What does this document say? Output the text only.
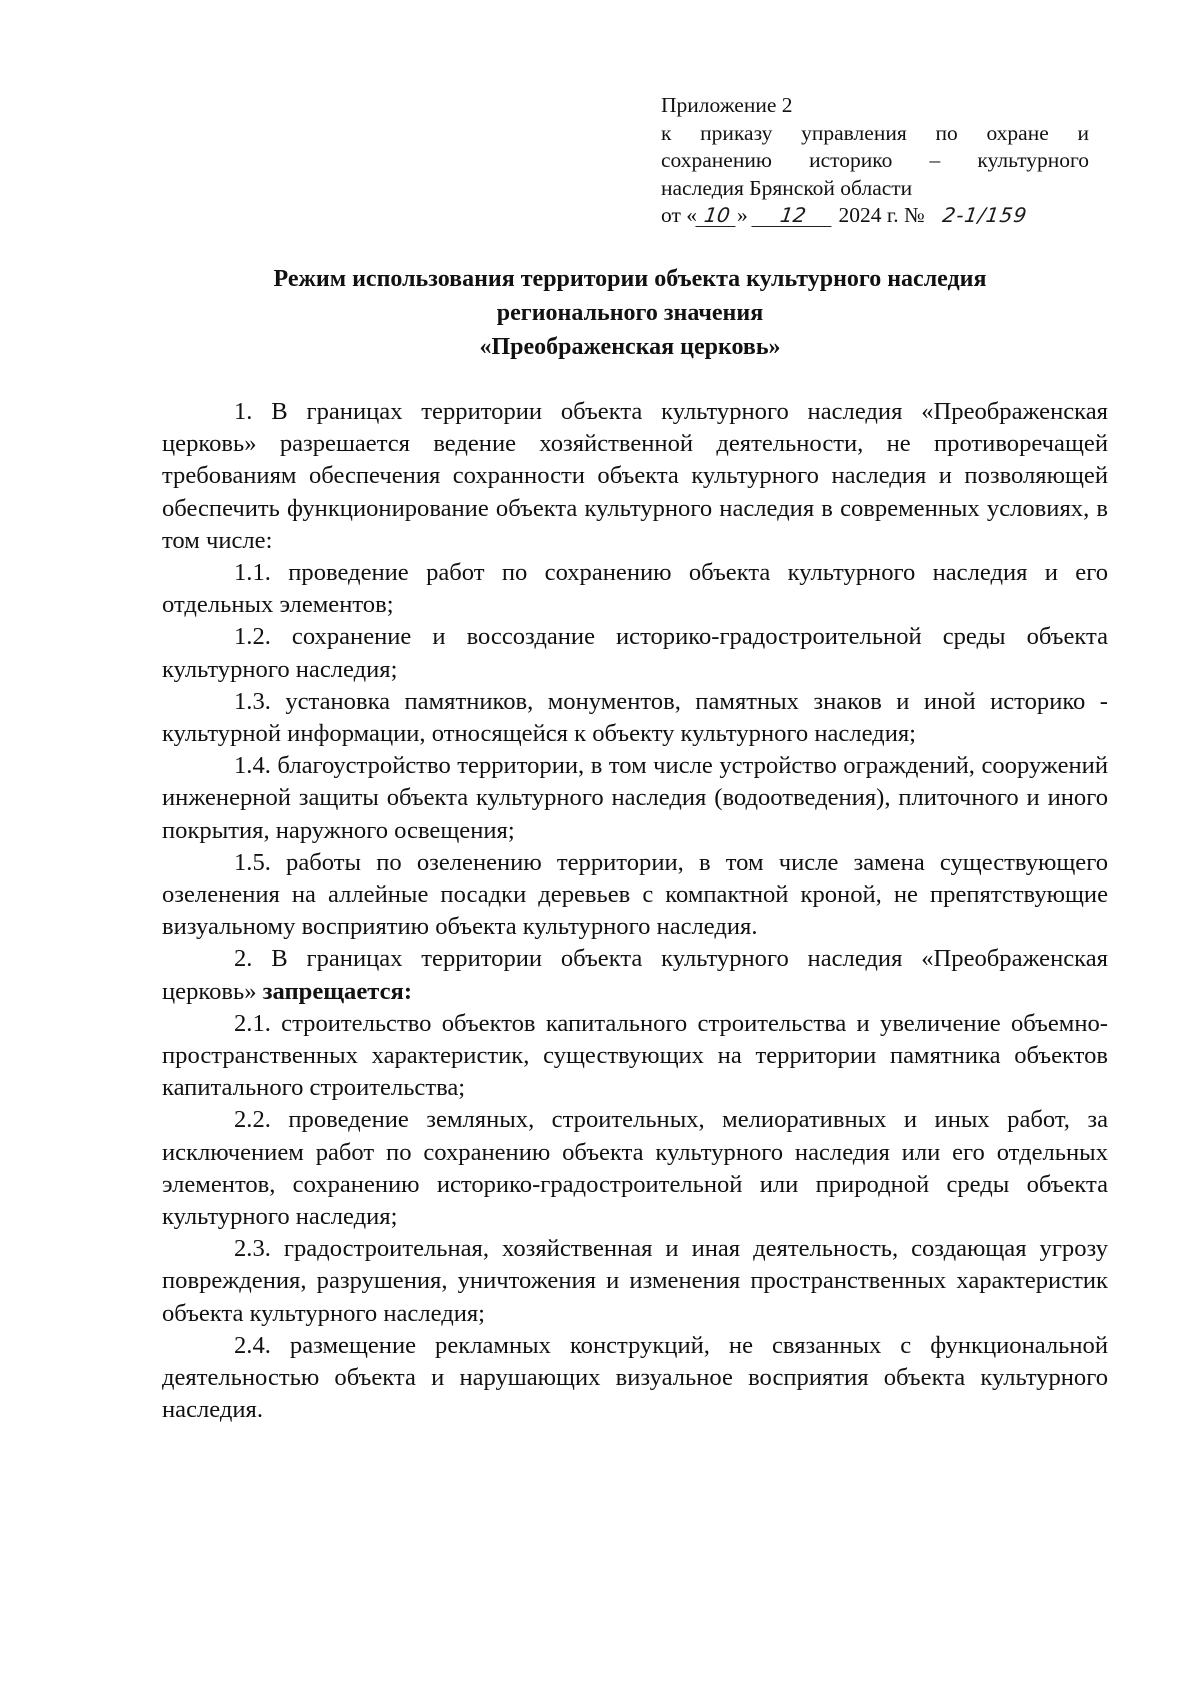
Приложение 2
к приказу управления по охране и
сохранению историко – культурного
наследия Брянской области
от « 10 » 12 2024 г. № 2-1/159
Режим использования территории объекта культурного наследия
регионального значения
«Преображенская церковь»

1. В границах территории объекта культурного наследия «Преображенская церковь» разрешается ведение хозяйственной деятельности, не противоречащей требованиям обеспечения сохранности объекта культурного наследия и позволяющей обеспечить функционирование объекта культурного наследия в современных условиях, в том числе:

1.1. проведение работ по сохранению объекта культурного наследия и его отдельных элементов;

1.2. сохранение и воссоздание историко-градостроительной среды объекта культурного наследия;

1.3. установка памятников, монументов, памятных знаков и иной историко - культурной информации, относящейся к объекту культурного наследия;

1.4. благоустройство территории, в том числе устройство ограждений, сооружений инженерной защиты объекта культурного наследия (водоотведения), плиточного и иного покрытия, наружного освещения;

1.5. работы по озеленению территории, в том числе замена существующего озеленения на аллейные посадки деревьев с компактной кроной, не препятствующие визуальному восприятию объекта культурного наследия.

2. В границах территории объекта культурного наследия «Преображенская церковь» запрещается:

2.1. строительство объектов капитального строительства и увеличение объемно-пространственных характеристик, существующих на территории памятника объектов капитального строительства;

2.2. проведение земляных, строительных, мелиоративных и иных работ, за исключением работ по сохранению объекта культурного наследия или его отдельных элементов, сохранению историко-градостроительной или природной среды объекта культурного наследия;

2.3. градостроительная, хозяйственная и иная деятельность, создающая угрозу повреждения, разрушения, уничтожения и изменения пространственных характеристик объекта культурного наследия;

2.4. размещение рекламных конструкций, не связанных с функциональной деятельностью объекта и нарушающих визуальное восприятия объекта культурного наследия.
